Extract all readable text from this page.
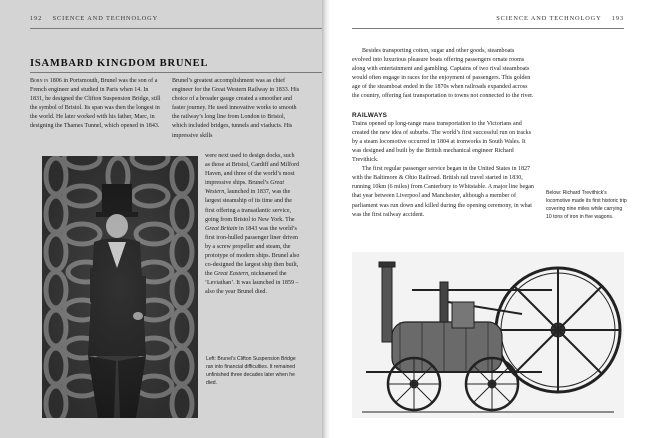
192 SCIENCE AND TECHNOLOGY
ISAMBARD KINGDOM BRUNEL

Born in 1806 in Portsmouth, Brunel was the son of a French engineer and studied in Paris when 14. In 1831, he designed the Clifton Suspension Bridge, still the symbol of Bristol. Its span was then the longest in the world. He later worked with his father, Marc, in designing the Thames Tunnel, which opened in 1843.

Brunel’s greatest accomplishment was as chief engineer for the Great Western Railway in 1833. His choice of a broader gauge created a smoother and faster journey. He used innovative works to smooth the railway’s long line from London to Bristol, which included bridges, tunnels and viaducts. His impressive skills

were next used to design docks, such as those at Bristol, Cardiff and Milford Haven, and three of the world’s most impressive ships. Brunel’s Great Western, launched in 1837, was the largest steamship of its time and the first offering a transatlantic service, going from Bristol to New York. The Great Britain in 1843 was the world’s first iron-hulled passenger liner driven by a screw propeller and steam, the prototype of modern ships. Brunel also co-designed the largest ship then built, the Great Eastern, nicknamed the ‘Leviathan’. It was launched in 1859 – also the year Brunel died.

Left: Brunel’s Clifton Suspension Bridge ran into financial difficulties. It remained unfinished three decades later when he died.
SCIENCE AND TECHNOLOGY 193

Besides transporting cotton, sugar and other goods, steamboats evolved into luxurious pleasure boats offering passengers ornate rooms along with entertainment and gambling. Captains of two rival steamboats would often engage in races for the enjoyment of passengers. This golden age of the steamboat ended in the 1870s when railroads expanded across the country, offering fast transportation to towns not connected to the river.

RAILWAYS

Trains opened up long-range mass transportation to the Victorians and created the new idea of suburbs. The world’s first successful run on tracks by a steam locomotive occurred in 1804 at ironworks in South Wales. It was designed and built by the British mechanical engineer Richard Trevithick.

The first regular passenger service began in the United States in 1827 with the Baltimore & Ohio Railroad. British rail travel started in 1830, running 10km (6 miles) from Canterbury to Whitstable. A major line began that year between Liverpool and Manchester, although a member of parliament was run down and killed during the opening ceremony, in what was the first railway accident.

Below: Richard Trevithick’s locomotive made its first historic trip covering nine miles while carrying 10 tons of iron in five wagons.
